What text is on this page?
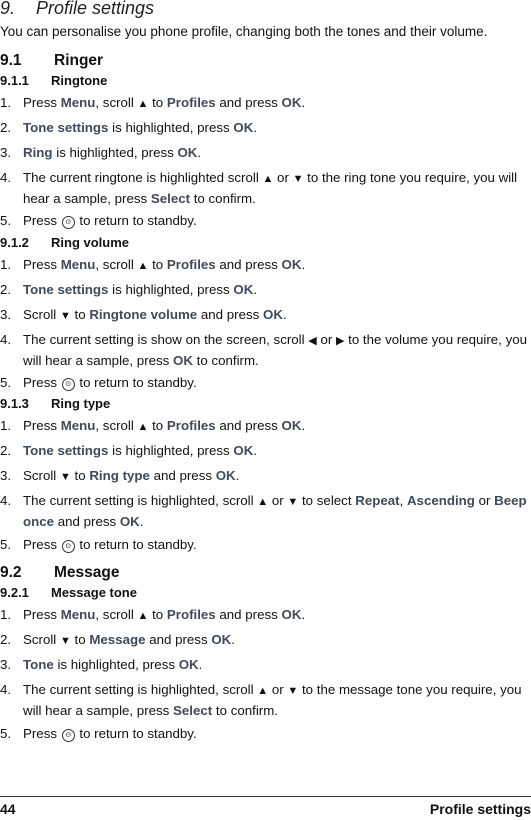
9. Profile settings
You can personalise you phone profile, changing both the tones and their volume.
9.1 Ringer
9.1.1 Ringtone
1. Press Menu, scroll ▲ to Profiles and press OK.
2. Tone settings is highlighted, press OK.
3. Ring is highlighted, press OK.
4. The current ringtone is highlighted scroll ▲ or ▼ to the ring tone you require, you will hear a sample, press Select to confirm.
5. Press ⊙ to return to standby.
9.1.2 Ring volume
1. Press Menu, scroll ▲ to Profiles and press OK.
2. Tone settings is highlighted, press OK.
3. Scroll ▼ to Ringtone volume and press OK.
4. The current setting is show on the screen, scroll ◀ or ▶ to the volume you require, you will hear a sample, press OK to confirm.
5. Press ⊙ to return to standby.
9.1.3 Ring type
1. Press Menu, scroll ▲ to Profiles and press OK.
2. Tone settings is highlighted, press OK.
3. Scroll ▼ to Ring type and press OK.
4. The current setting is highlighted, scroll ▲ or ▼ to select Repeat, Ascending or Beep once and press OK.
5. Press ⊙ to return to standby.
9.2 Message
9.2.1 Message tone
1. Press Menu, scroll ▲ to Profiles and press OK.
2. Scroll ▼ to Message and press OK.
3. Tone is highlighted, press OK.
4. The current setting is highlighted, scroll ▲ or ▼ to the message tone you require, you will hear a sample, press Select to confirm.
5. Press ⊙ to return to standby.
44	Profile settings
